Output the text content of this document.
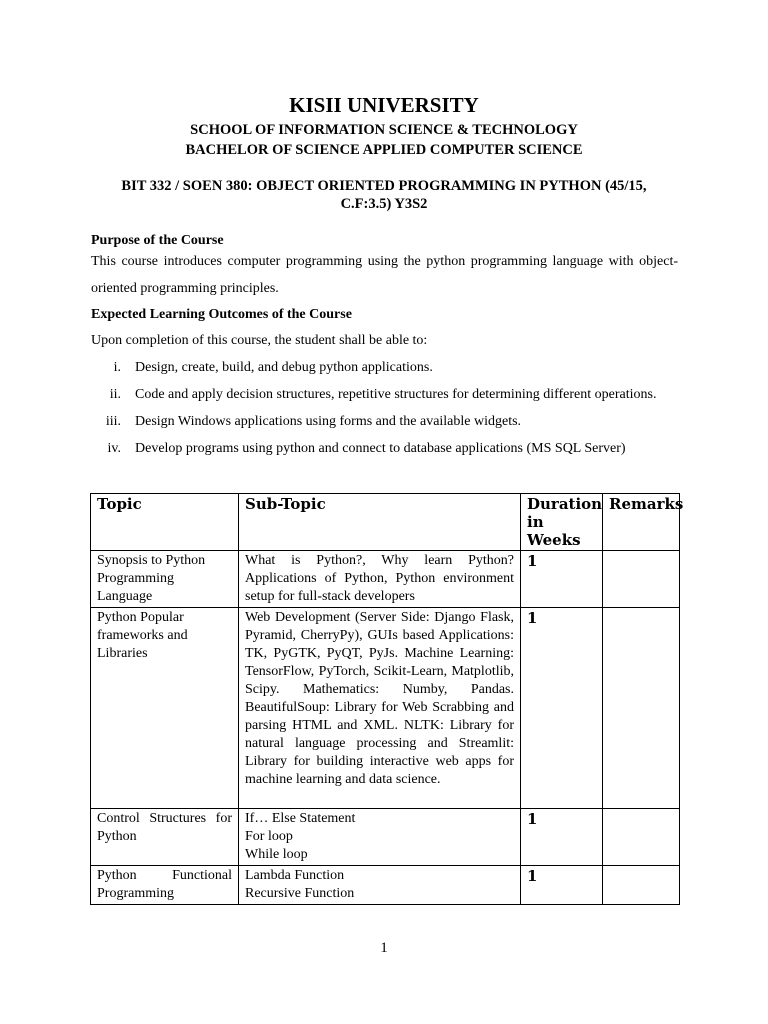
KISII UNIVERSITY
SCHOOL OF INFORMATION SCIENCE & TECHNOLOGY
BACHELOR OF SCIENCE APPLIED COMPUTER SCIENCE
BIT 332 / SOEN 380: OBJECT ORIENTED PROGRAMMING IN PYTHON (45/15,
C.F:3.5) Y3S2
Purpose of the Course
This course introduces computer programming using the python programming language with object-oriented programming principles.
Expected Learning Outcomes of the Course
Upon completion of this course, the student shall be able to:
i. Design, create, build, and debug python applications.
ii. Code and apply decision structures, repetitive structures for determining different operations.
iii. Design Windows applications using forms and the available widgets.
iv. Develop programs using python and connect to database applications (MS SQL Server)
Topic	Sub-Topic	Duration in Weeks	Remarks
Synopsis to Python Programming Language	What is Python?, Why learn Python? Applications of Python, Python environment setup for full-stack developers	1	
Python Popular frameworks and Libraries	Web Development (Server Side: Django Flask, Pyramid, CherryPy), GUIs based Applications: TK, PyGTK, PyQT, PyJs. Machine Learning: TensorFlow, PyTorch, Scikit-Learn, Matplotlib, Scipy. Mathematics: Numby, Pandas. BeautifulSoup: Library for Web Scrabbing and parsing HTML and XML. NLTK: Library for natural language processing and Streamlit: Library for building interactive web apps for machine learning and data science.	1	
Control Structures for Python	If… Else Statement
For loop
While loop	1	
Python Functional Programming	Lambda Function
Recursive Function	1	
1
